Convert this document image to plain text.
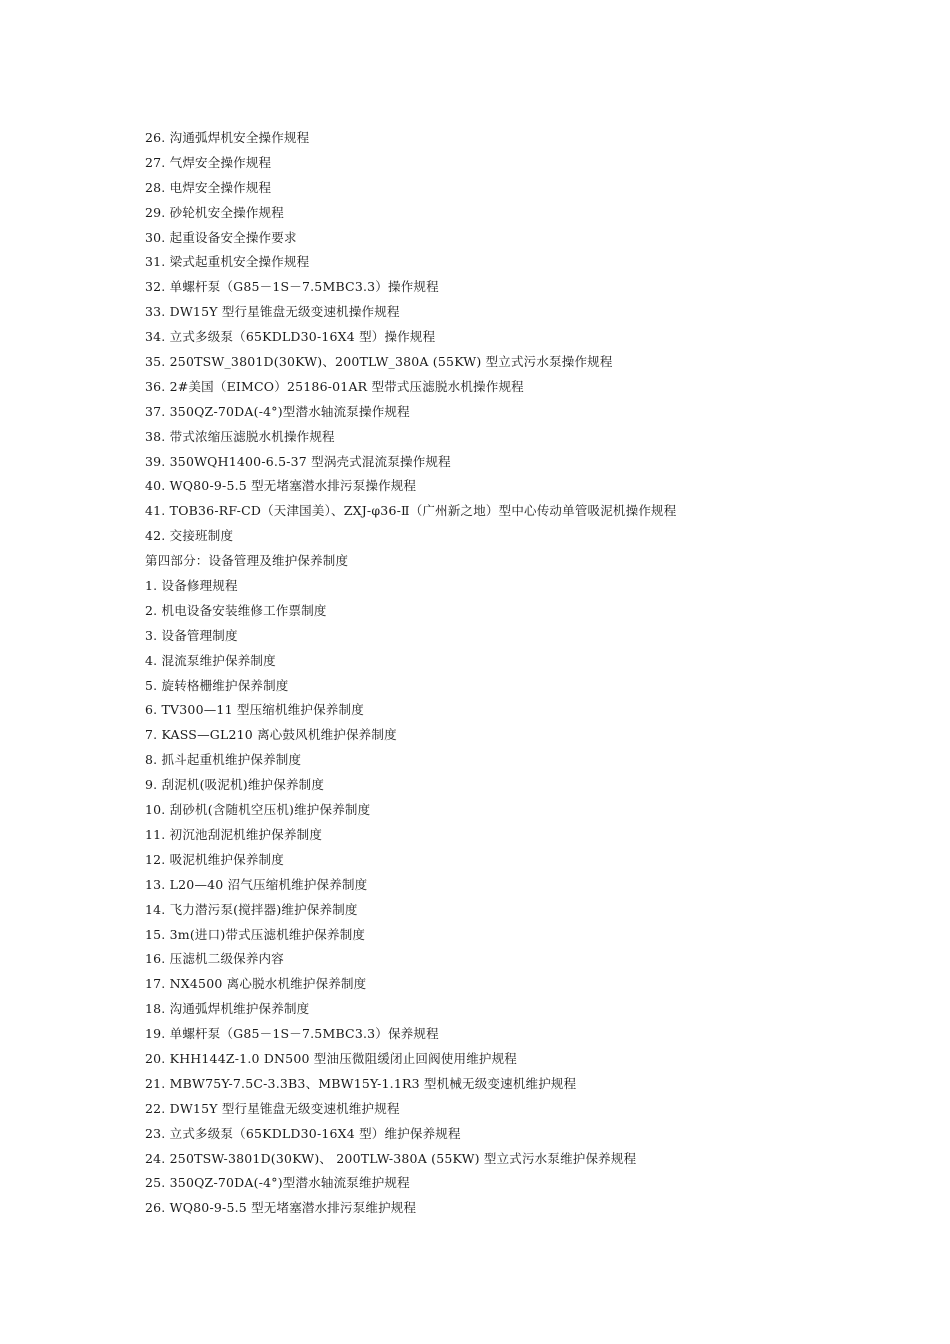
26. 沟通弧焊机安全操作规程
27. 气焊安全操作规程
28. 电焊安全操作规程
29. 砂轮机安全操作规程
30. 起重设备安全操作要求
31. 梁式起重机安全操作规程
32. 单螺杆泵（G85－1S－7.5MBC3.3）操作规程
33. DW15Y 型行星锥盘无级变速机操作规程
34. 立式多级泵（65KDLD30-16X4 型）操作规程
35. 250TSW_3801D(30KW)、200TLW_380A (55KW) 型立式污水泵操作规程
36. 2#美国（EIMCO）25186-01AR 型带式压滤脱水机操作规程
37. 350QZ-70DA(-4°)型潜水轴流泵操作规程
38. 带式浓缩压滤脱水机操作规程
39. 350WQH1400-6.5-37 型涡壳式混流泵操作规程
40. WQ80-9-5.5 型无堵塞潜水排污泵操作规程
41. TOB36-RF-CD（天津国美）、ZXJ-φ36-Ⅱ（广州新之地）型中心传动单管吸泥机操作规程
42. 交接班制度
第四部分：设备管理及维护保养制度
1. 设备修理规程
2. 机电设备安装维修工作票制度
3. 设备管理制度
4. 混流泵维护保养制度
5. 旋转格栅维护保养制度
6. TV300—11 型压缩机维护保养制度
7. KASS—GL210 离心鼓风机维护保养制度
8. 抓斗起重机维护保养制度
9. 刮泥机(吸泥机)维护保养制度
10. 刮砂机(含随机空压机)维护保养制度
11. 初沉池刮泥机维护保养制度
12. 吸泥机维护保养制度
13. L20—40 沼气压缩机维护保养制度
14. 飞力潜污泵(搅拌器)维护保养制度
15. 3m(进口)带式压滤机维护保养制度
16. 压滤机二级保养内容
17. NX4500 离心脱水机维护保养制度
18. 沟通弧焊机维护保养制度
19. 单螺杆泵（G85－1S－7.5MBC3.3）保养规程
20. KHH144Z-1.0 DN500 型油压微阻缓闭止回阀使用维护规程
21. MBW75Y-7.5C-3.3B3、MBW15Y-1.1R3 型机械无级变速机维护规程
22. DW15Y 型行星锥盘无级变速机维护规程
23. 立式多级泵（65KDLD30-16X4 型）维护保养规程
24. 250TSW-3801D(30KW)、 200TLW-380A (55KW) 型立式污水泵维护保养规程
25. 350QZ-70DA(-4°)型潜水轴流泵维护规程
26. WQ80-9-5.5 型无堵塞潜水排污泵维护规程
